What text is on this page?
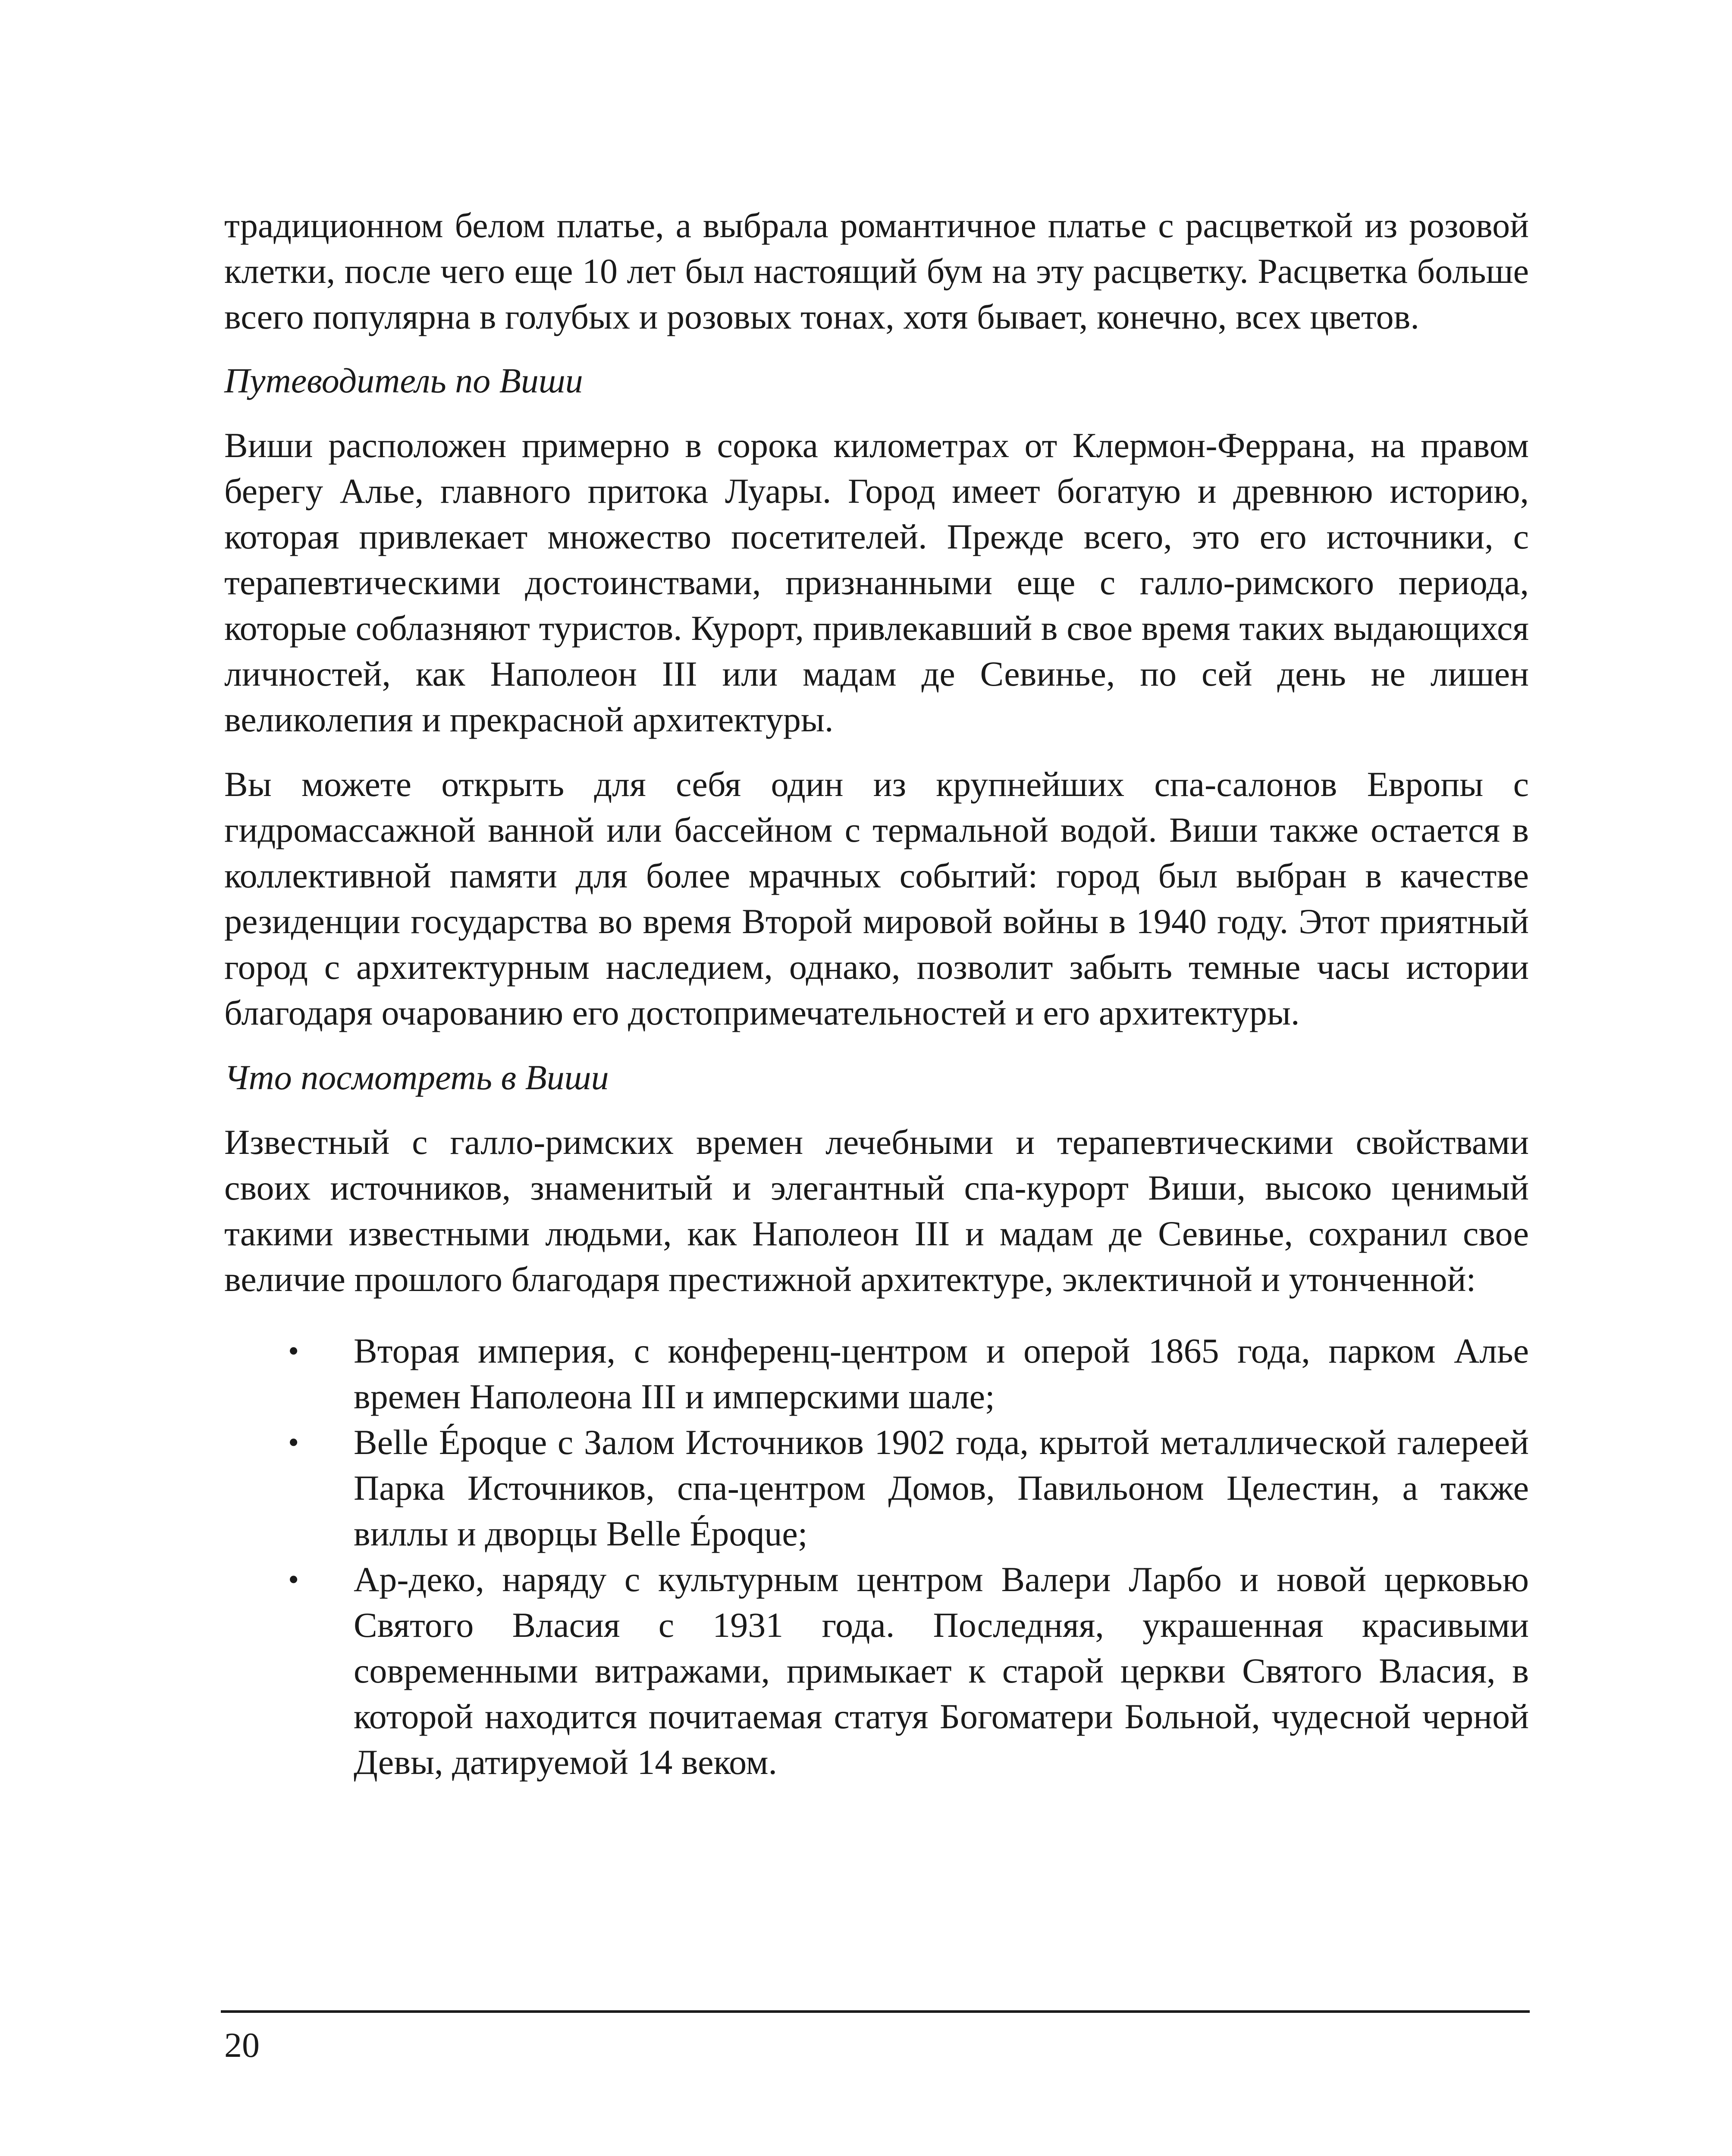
традиционном белом платье, а выбрала романтичное платье с расцветкой из розовой клетки, после чего еще 10 лет был настоящий бум на эту расцветку. Расцветка больше всего популярна в голубых и розовых тонах, хотя бывает, конечно, всех цветов.

Путеводитель по Виши

Виши расположен примерно в сорока километрах от Клермон-Феррана, на правом берегу Алье, главного притока Луары. Город имеет богатую и древнюю историю, которая привлекает множество посетителей. Прежде всего, это его источники, с терапевтическими достоинствами, признанными еще с галло-римского периода, которые соблазняют туристов. Курорт, привлекавший в свое время таких выдающихся личностей, как Наполеон III или мадам де Севинье, по сей день не лишен великолепия и прекрасной архитектуры.

Вы можете открыть для себя один из крупнейших спа-салонов Европы с гидромассажной ванной или бассейном с термальной водой. Виши также остается в коллективной памяти для более мрачных событий: город был выбран в качестве резиденции государства во время Второй мировой войны в 1940 году. Этот приятный город с архитектурным наследием, однако, позволит забыть темные часы истории благодаря очарованию его достопримечательностей и его архитектуры.

Что посмотреть в Виши

Известный с галло-римских времен лечебными и терапевтическими свойствами своих источников, знаменитый и элегантный спа-курорт Виши, высоко ценимый такими известными людьми, как Наполеон III и мадам де Севинье, сохранил свое величие прошлого благодаря престижной архитектуре, эклектичной и утонченной:

• Вторая империя, с конференц-центром и оперой 1865 года, парком Алье времен Наполеона III и имперскими шале;
• Belle Époque с Залом Источников 1902 года, крытой металлической галереей Парка Источников, спа-центром Домов, Павильоном Целестин, а также виллы и дворцы Belle Époque;
• Ар-деко, наряду с культурным центром Валери Ларбо и новой церковью Святого Власия с 1931 года. Последняя, украшенная красивыми современными витражами, примыкает к старой церкви Святого Власия, в которой находится почитаемая статуя Богоматери Больной, чудесной черной Девы, датируемой 14 веком.
20
